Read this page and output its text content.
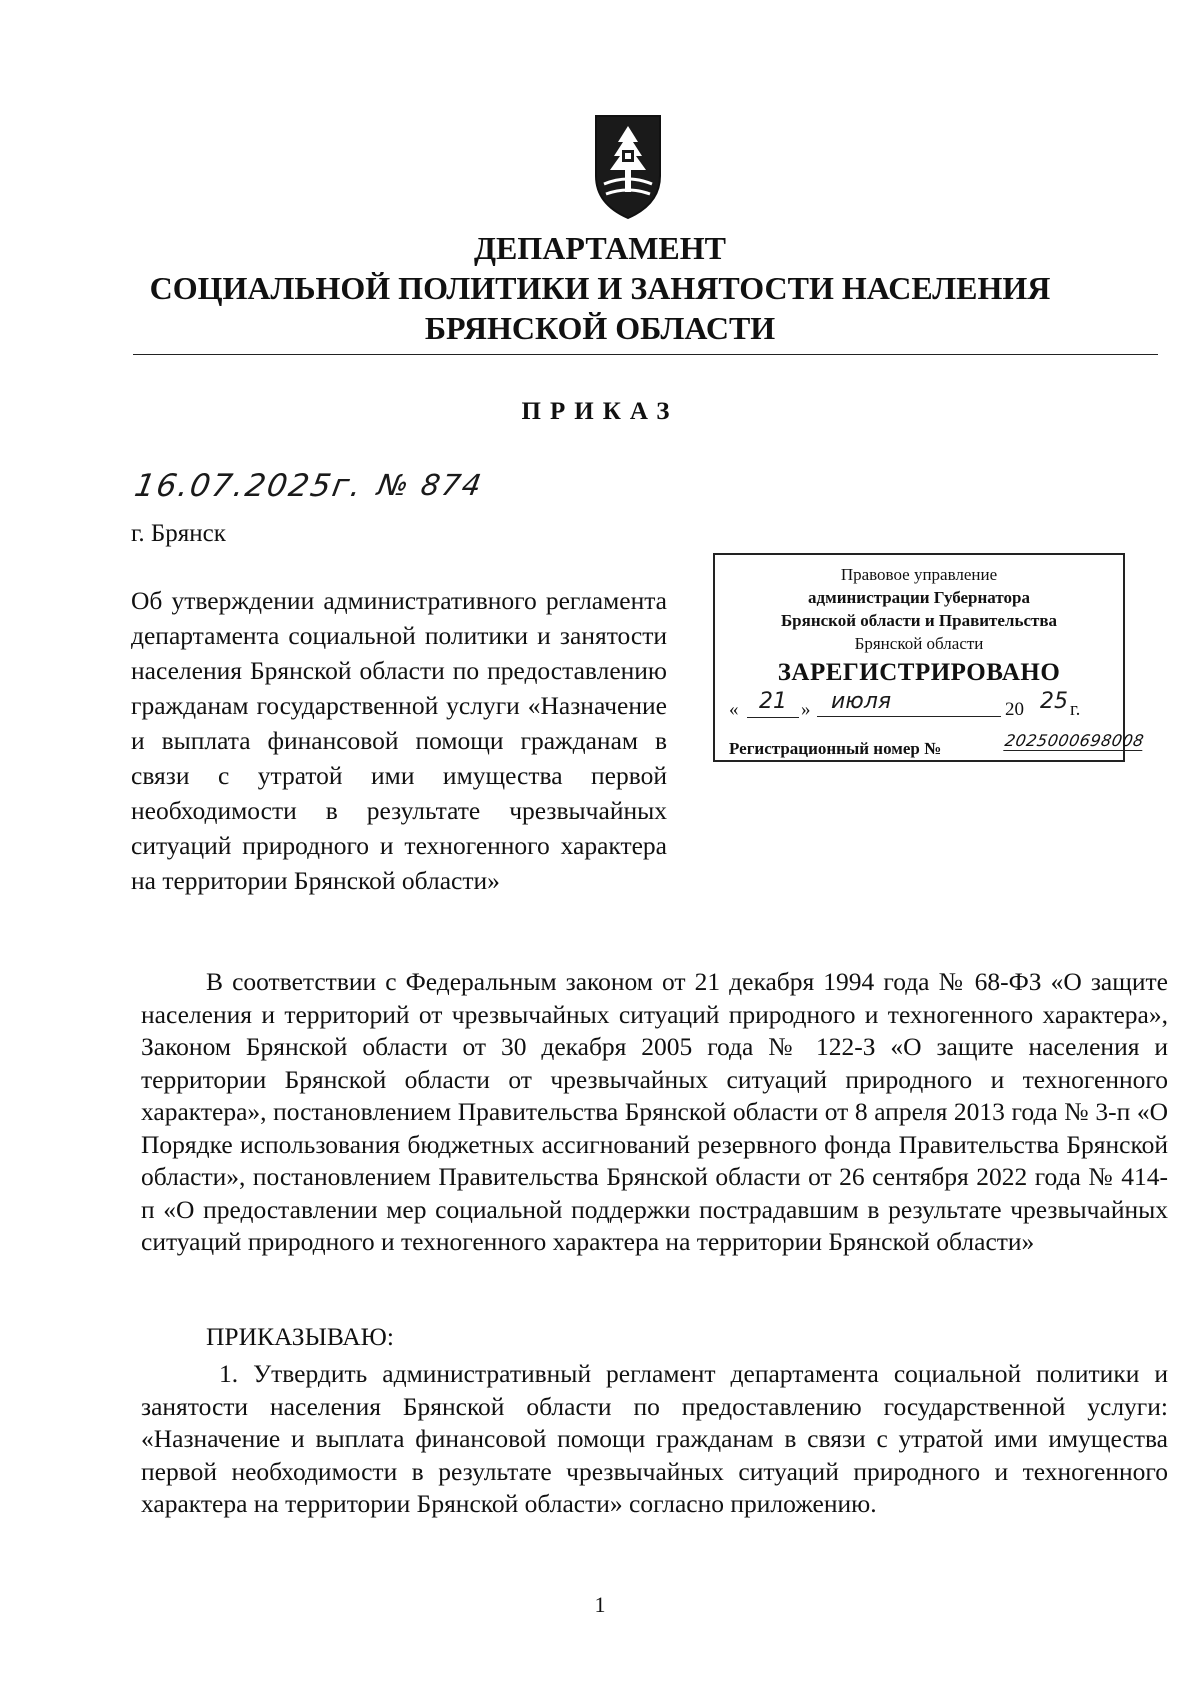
ДЕПАРТАМЕНТ
СОЦИАЛЬНОЙ ПОЛИТИКИ И ЗАНЯТОСТИ НАСЕЛЕНИЯ
БРЯНСКОЙ ОБЛАСТИ
ПРИКАЗ
16.07.2025г. № 874
г. Брянск
Об утверждении административного регламента департамента социальной политики и занятости населения Брянской области по предоставлению гражданам государственной услуги «Назначение и выплата финансовой помощи гражданам в связи с утратой ими имущества первой необходимости в результате чрезвычайных ситуаций природного и техногенного характера на территории Брянской области»
Правовое управление
администрации Губернатора
Брянской области и Правительства
Брянской области
ЗАРЕГИСТРИРОВАНО
« 21 » июля	20 25 г.
Регистрационный номер №	2025000698008
В соответствии с Федеральным законом от 21 декабря 1994 года № 68-ФЗ «О защите населения и территорий от чрезвычайных ситуаций природного и техногенного характера», Законом Брянской области от 30 декабря 2005 года № 122-З «О защите населения и территории Брянской области от чрезвычайных ситуаций природного и техногенного характера», постановлением Правительства Брянской области от 8 апреля 2013 года № 3-п «О Порядке использования бюджетных ассигнований резервного фонда Правительства Брянской области», постановлением Правительства Брянской области от 26 сентября 2022 года № 414-п «О предоставлении мер социальной поддержки пострадавшим в результате чрезвычайных ситуаций природного и техногенного характера на территории Брянской области»
ПРИКАЗЫВАЮ:
1. Утвердить административный регламент департамента социальной политики и занятости населения Брянской области по предоставлению государственной услуги: «Назначение и выплата финансовой помощи гражданам в связи с утратой ими имущества первой необходимости в результате чрезвычайных ситуаций природного и техногенного характера на территории Брянской области» согласно приложению.
1
